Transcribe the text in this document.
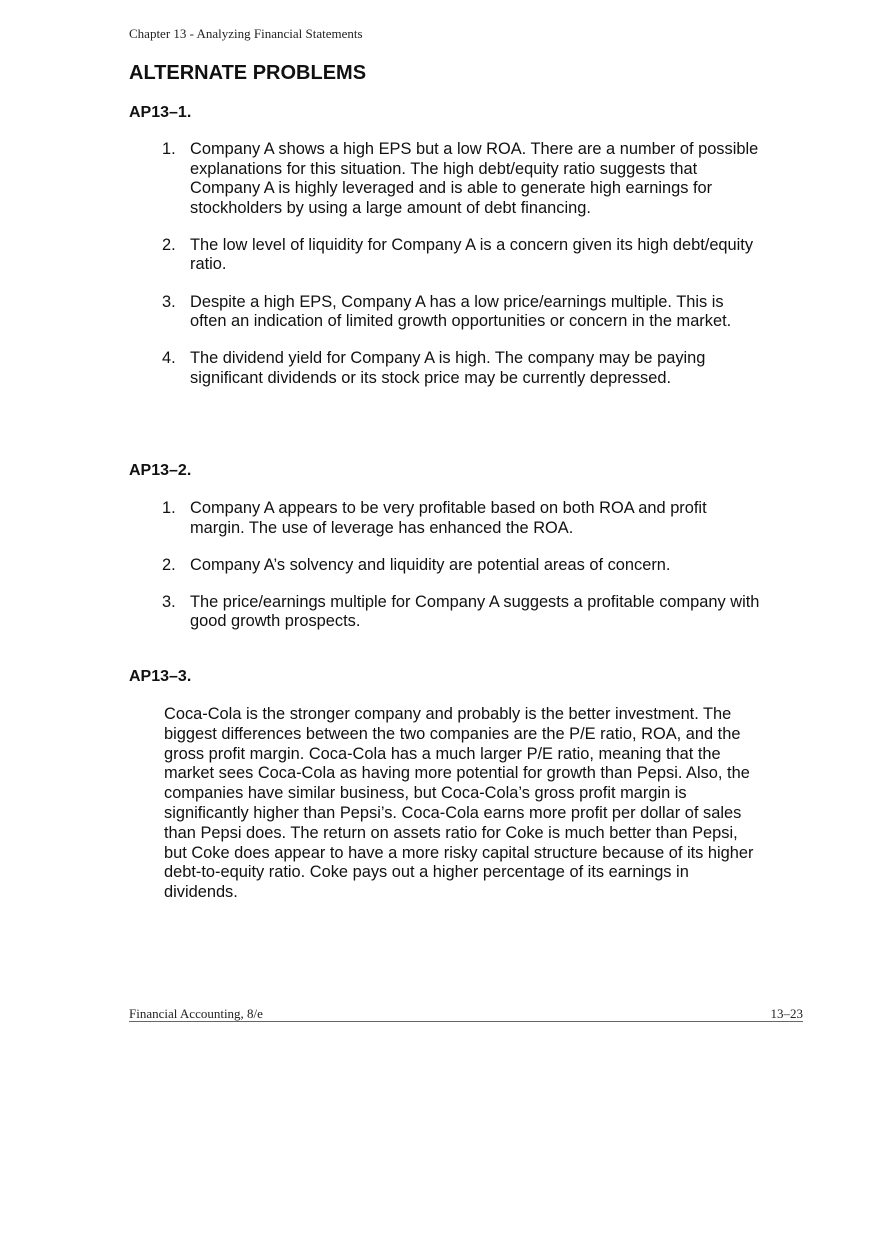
Chapter 13 - Analyzing Financial Statements
ALTERNATE PROBLEMS
AP13–1.
1. Company A shows a high EPS but a low ROA. There are a number of possible explanations for this situation. The high debt/equity ratio suggests that Company A is highly leveraged and is able to generate high earnings for stockholders by using a large amount of debt financing.
2. The low level of liquidity for Company A is a concern given its high debt/equity ratio.
3. Despite a high EPS, Company A has a low price/earnings multiple. This is often an indication of limited growth opportunities or concern in the market.
4. The dividend yield for Company A is high. The company may be paying significant dividends or its stock price may be currently depressed.
AP13–2.
1. Company A appears to be very profitable based on both ROA and profit margin. The use of leverage has enhanced the ROA.
2. Company A’s solvency and liquidity are potential areas of concern.
3. The price/earnings multiple for Company A suggests a profitable company with good growth prospects.
AP13–3.

Coca-Cola is the stronger company and probably is the better investment. The biggest differences between the two companies are the P/E ratio, ROA, and the gross profit margin. Coca-Cola has a much larger P/E ratio, meaning that the market sees Coca-Cola as having more potential for growth than Pepsi. Also, the companies have similar business, but Coca-Cola’s gross profit margin is significantly higher than Pepsi’s. Coca-Cola earns more profit per dollar of sales than Pepsi does. The return on assets ratio for Coke is much better than Pepsi, but Coke does appear to have a more risky capital structure because of its higher debt-to-equity ratio. Coke pays out a higher percentage of its earnings in dividends.

Financial Accounting, 8/e	13–23
